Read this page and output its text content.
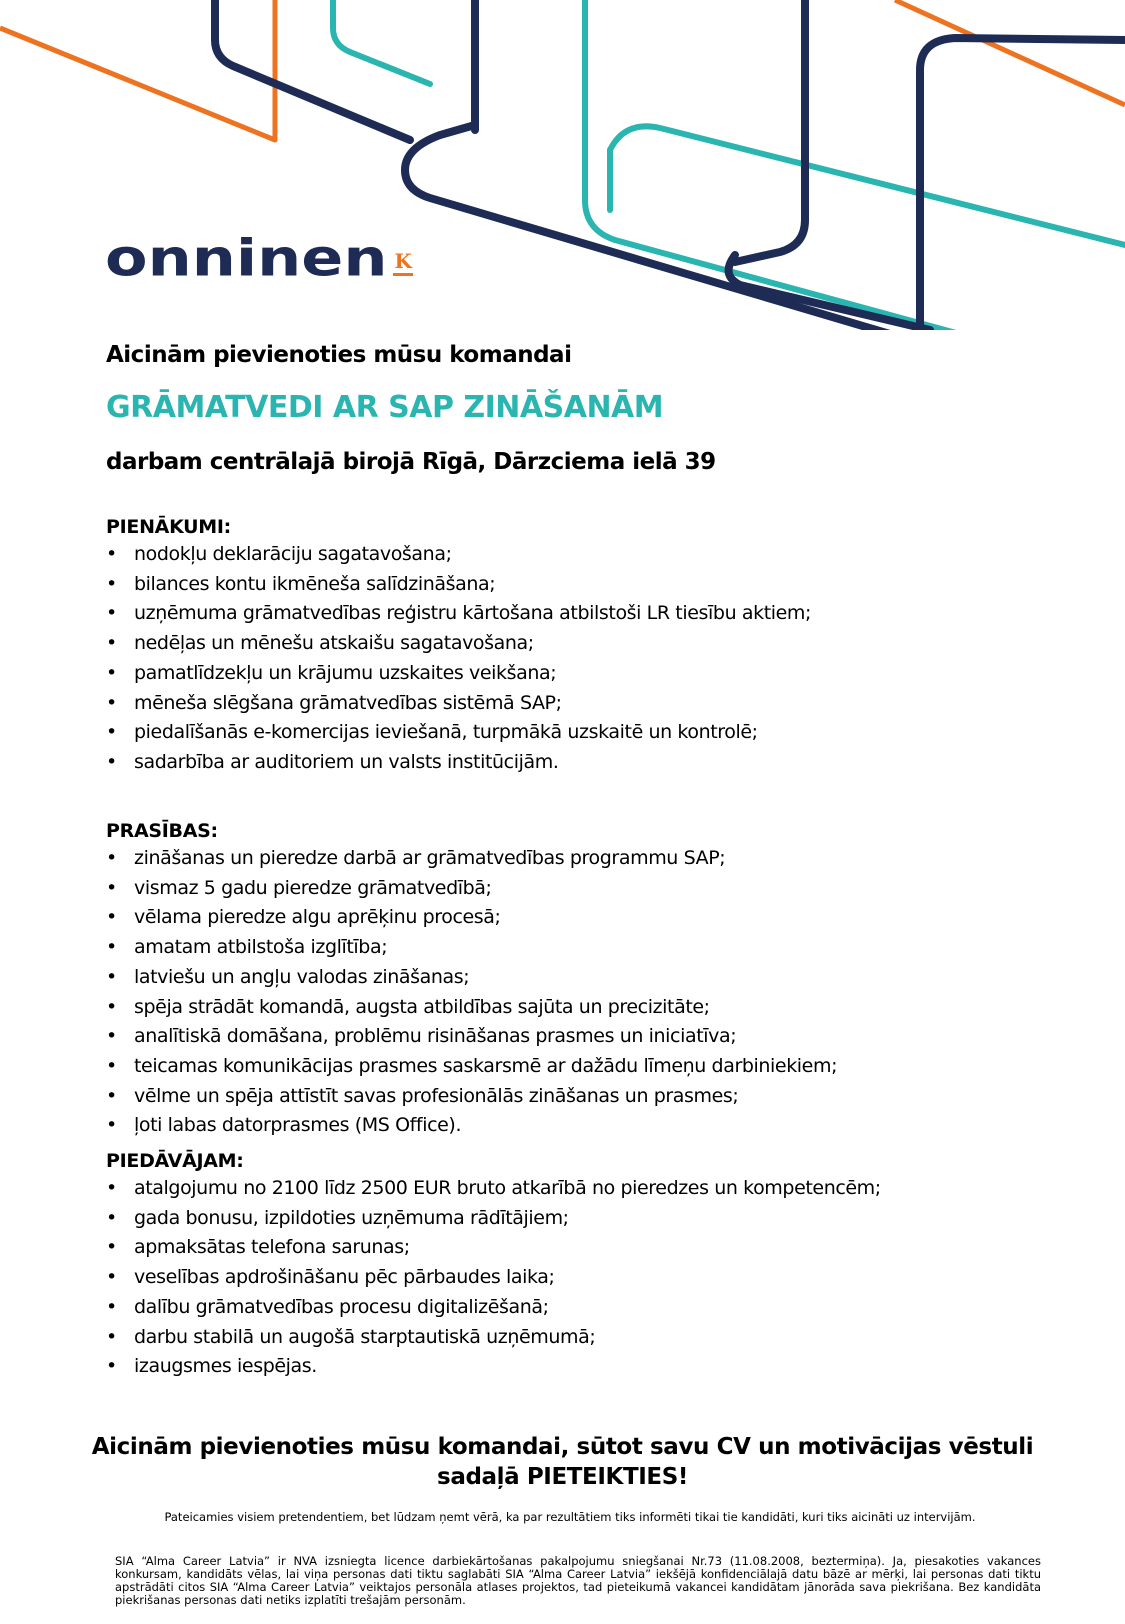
onninen K
Aicinām pievienoties mūsu komandai
GRĀMATVEDI AR SAP ZINĀŠANĀM
darbam centrālajā birojā Rīgā, Dārzciema ielā 39
PIENĀKUMI:
• nodokļu deklarāciju sagatavošana;
• bilances kontu ikmēneša salīdzināšana;
• uzņēmuma grāmatvedības reģistru kārtošana atbilstoši LR tiesību aktiem;
• nedēļas un mēnešu atskaišu sagatavošana;
• pamatlīdzekļu un krājumu uzskaites veikšana;
• mēneša slēgšana grāmatvedības sistēmā SAP;
• piedalīšanās e-komercijas ieviešanā, turpmākā uzskaitē un kontrolē;
• sadarbība ar auditoriem un valsts institūcijām.
PRASĪBAS:
• zināšanas un pieredze darbā ar grāmatvedības programmu SAP;
• vismaz 5 gadu pieredze grāmatvedībā;
• vēlama pieredze algu aprēķinu procesā;
• amatam atbilstoša izglītība;
• latviešu un angļu valodas zināšanas;
• spēja strādāt komandā, augsta atbildības sajūta un precizitāte;
• analītiskā domāšana, problēmu risināšanas prasmes un iniciatīva;
• teicamas komunikācijas prasmes saskarsmē ar dažādu līmeņu darbiniekiem;
• vēlme un spēja attīstīt savas profesionālās zināšanas un prasmes;
• ļoti labas datorprasmes (MS Office).
PIEDĀVĀJAM:
• atalgojumu no 2100 līdz 2500 EUR bruto atkarībā no pieredzes un kompetencēm;
• gada bonusu, izpildoties uzņēmuma rādītājiem;
• apmaksātas telefona sarunas;
• veselības apdrošināšanu pēc pārbaudes laika;
• dalību grāmatvedības procesu digitalizēšanā;
• darbu stabilā un augošā starptautiskā uzņēmumā;
• izaugsmes iespējas.
Aicinām pievienoties mūsu komandai, sūtot savu CV un motivācijas vēstuli
sadaļā PIETEIKTIES!
Pateicamies visiem pretendentiem, bet lūdzam ņemt vērā, ka par rezultātiem tiks informēti tikai tie kandidāti, kuri tiks aicināti uz intervijām.
SIA “Alma Career Latvia” ir NVA izsniegta licence darbiekārtošanas pakalpojumu sniegšanai Nr.73 (11.08.2008, beztermiņa). Ja, piesakoties vakances konkursam, kandidāts vēlas, lai viņa personas dati tiktu saglabāti SIA “Alma Career Latvia” iekšējā konfidenciālajā datu bāzē ar mērķi, lai personas dati tiktu apstrādāti citos SIA “Alma Career Latvia” veiktajos personāla atlases projektos, tad pieteikumā vakancei kandidātam jānorāda sava piekrišana. Bez kandidāta piekrišanas personas dati netiks izplatīti trešajām personām.
